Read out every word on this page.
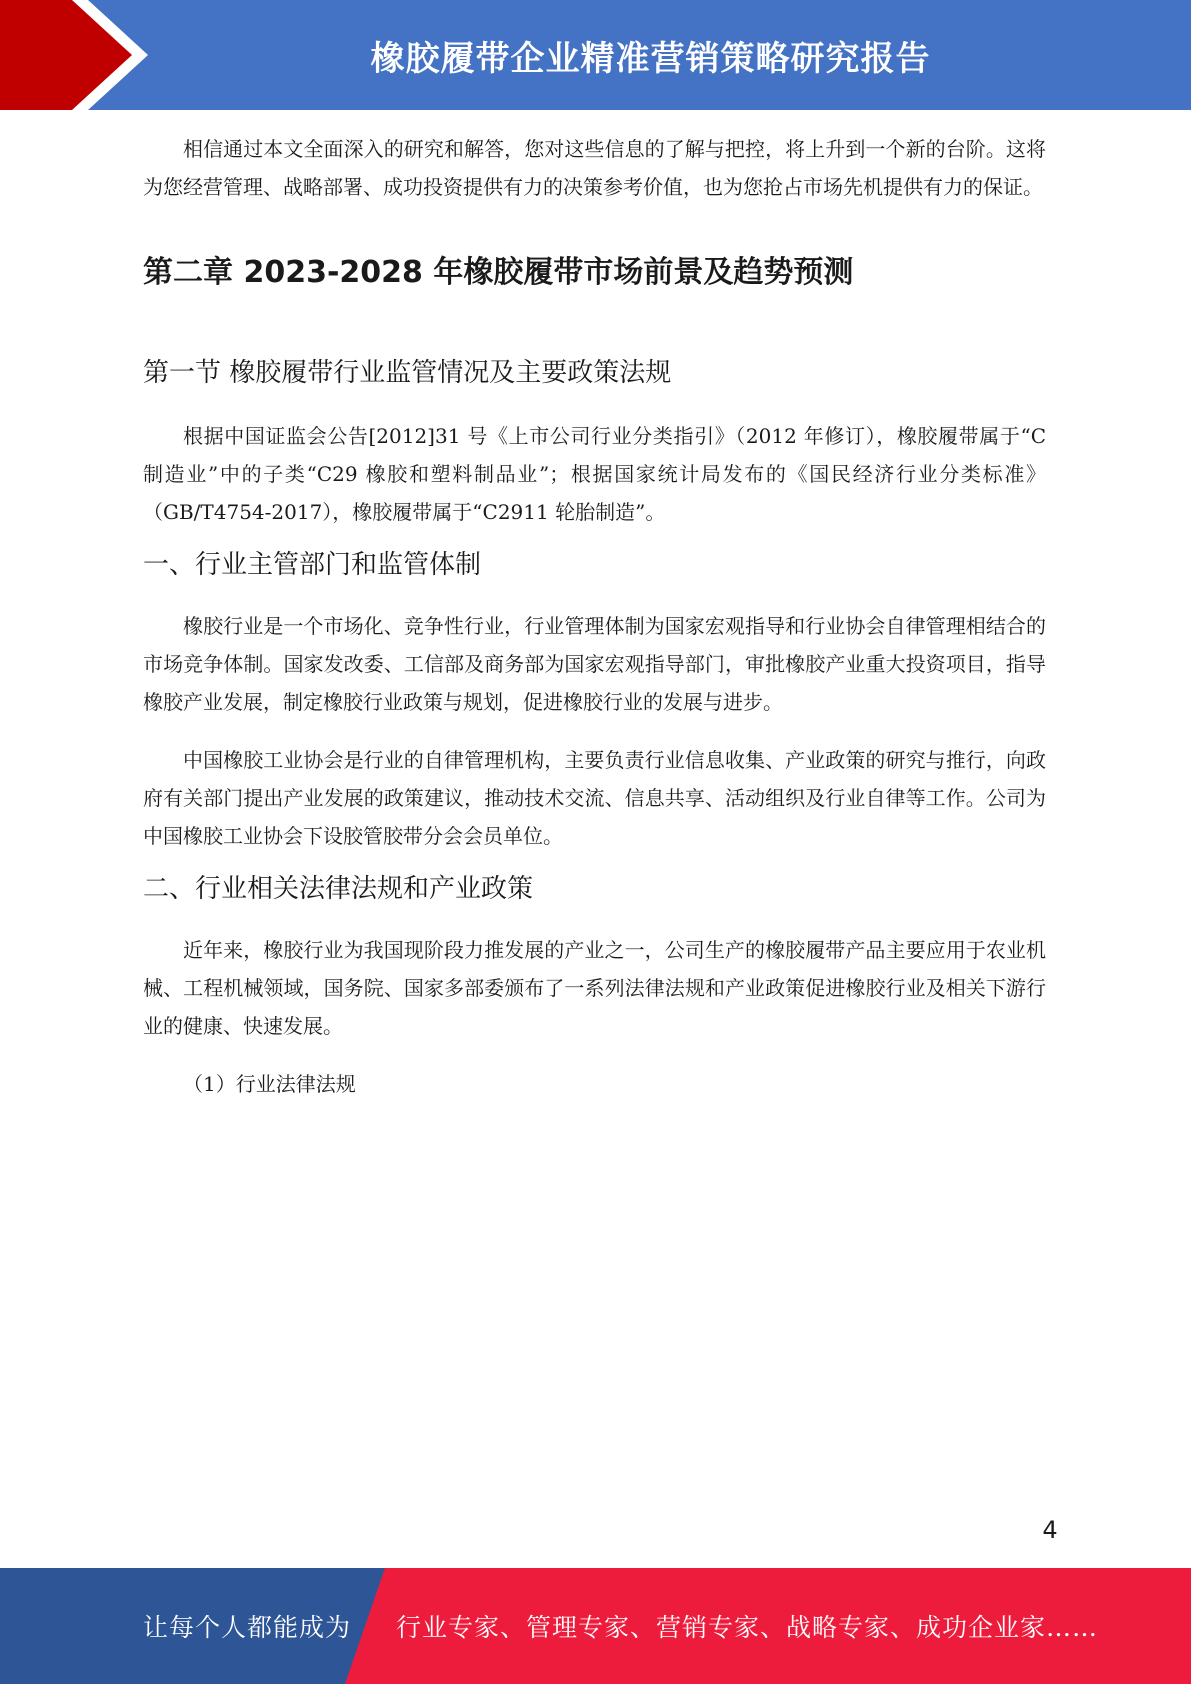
橡胶履带企业精准营销策略研究报告

相信通过本文全面深入的研究和解答，您对这些信息的了解与把控，将上升到一个新的台阶。这将为您经营管理、战略部署、成功投资提供有力的决策参考价值，也为您抢占市场先机提供有力的保证。

第二章 2023-2028 年橡胶履带市场前景及趋势预测
第一节 橡胶履带行业监管情况及主要政策法规

根据中国证监会公告[2012]31 号《上市公司行业分类指引》（2012 年修订），橡胶履带属于“C 制造业”中的子类“C29 橡胶和塑料制品业”；根据国家统计局发布的《国民经济行业分类标准》（GB/T4754-2017），橡胶履带属于“C2911 轮胎制造”。

一、行业主管部门和监管体制

橡胶行业是一个市场化、竞争性行业，行业管理体制为国家宏观指导和行业协会自律管理相结合的市场竞争体制。国家发改委、工信部及商务部为国家宏观指导部门，审批橡胶产业重大投资项目，指导橡胶产业发展，制定橡胶行业政策与规划，促进橡胶行业的发展与进步。

中国橡胶工业协会是行业的自律管理机构，主要负责行业信息收集、产业政策的研究与推行，向政府有关部门提出产业发展的政策建议，推动技术交流、信息共享、活动组织及行业自律等工作。公司为中国橡胶工业协会下设胶管胶带分会会员单位。

二、行业相关法律法规和产业政策

近年来，橡胶行业为我国现阶段力推发展的产业之一，公司生产的橡胶履带产品主要应用于农业机械、工程机械领域，国务院、国家多部委颁布了一系列法律法规和产业政策促进橡胶行业及相关下游行业的健康、快速发展。

（1）行业法律法规

4
让每个人都能成为 行业专家、管理专家、营销专家、战略专家、成功企业家……
